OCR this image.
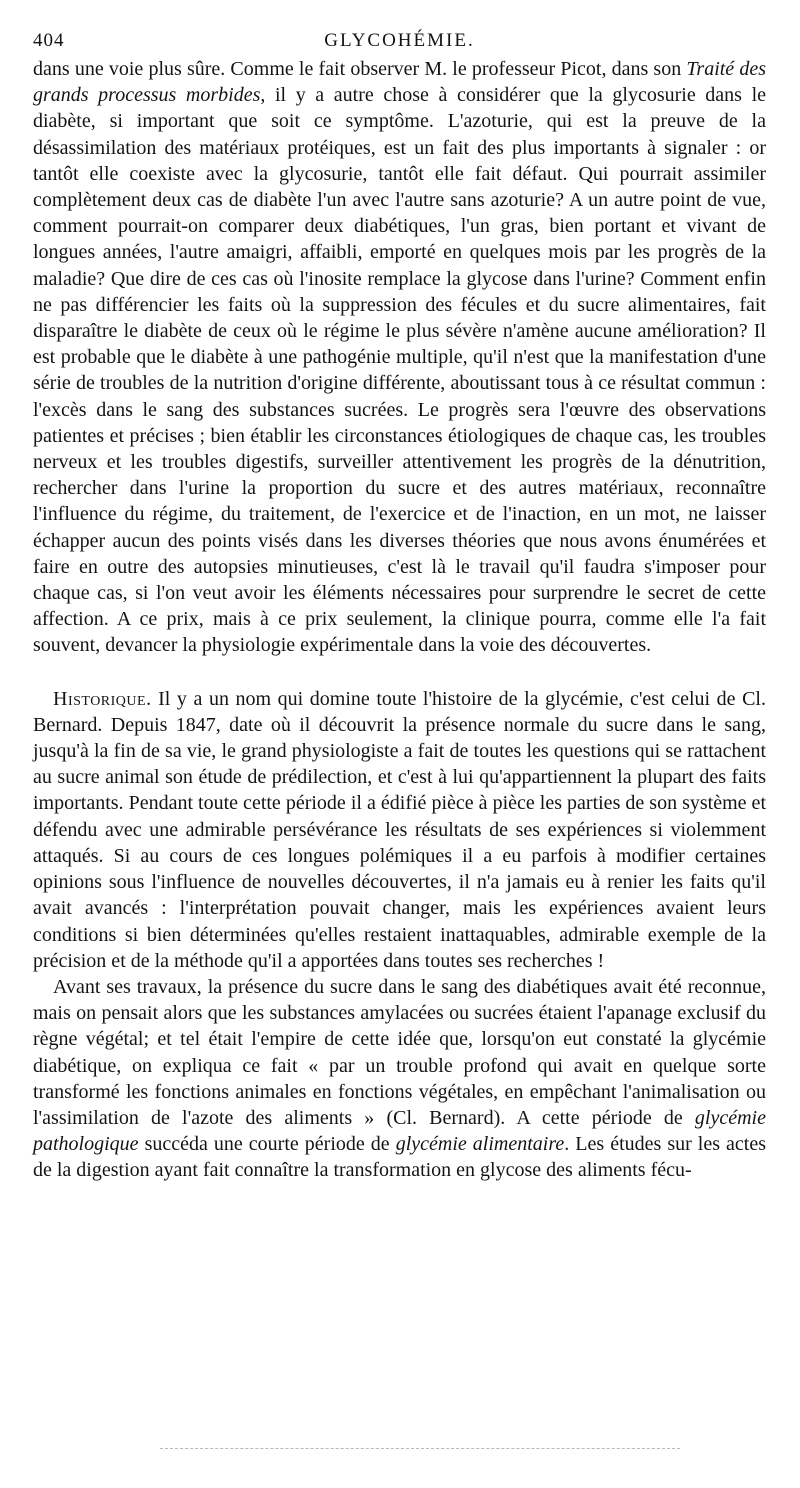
404	GLYCOHÉMIE.

dans une voie plus sûre. Comme le fait observer M. le professeur Picot, dans son Traité des grands processus morbides, il y a autre chose à considérer que la glycosurie dans le diabète, si important que soit ce symptôme. L'azoturie, qui est la preuve de la désassimilation des matériaux protéiques, est un fait des plus importants à signaler : or tantôt elle coexiste avec la glycosurie, tantôt elle fait défaut. Qui pourrait assimiler complètement deux cas de diabète l'un avec l'autre sans azoturie? A un autre point de vue, comment pourrait-on comparer deux diabétiques, l'un gras, bien portant et vivant de longues années, l'autre amaigri, affaibli, emporté en quelques mois par les progrès de la maladie? Que dire de ces cas où l'inosite remplace la glycose dans l'urine? Comment enfin ne pas différencier les faits où la suppression des fécules et du sucre alimentaires, fait disparaître le diabète de ceux où le régime le plus sévère n'amène aucune amélioration? Il est probable que le diabète à une pathogénie multiple, qu'il n'est que la manifestation d'une série de troubles de la nutrition d'origine différente, aboutissant tous à ce résultat commun : l'excès dans le sang des substances sucrées. Le progrès sera l'œuvre des observations patientes et précises ; bien établir les circonstances étiologiques de chaque cas, les troubles nerveux et les troubles digestifs, surveiller attentivement les progrès de la dénutrition, rechercher dans l'urine la proportion du sucre et des autres matériaux, reconnaître l'influence du régime, du traitement, de l'exercice et de l'inaction, en un mot, ne laisser échapper aucun des points visés dans les diverses théories que nous avons énumérées et faire en outre des autopsies minutieuses, c'est là le travail qu'il faudra s'imposer pour chaque cas, si l'on veut avoir les éléments nécessaires pour surprendre le secret de cette affection. A ce prix, mais à ce prix seulement, la clinique pourra, comme elle l'a fait souvent, devancer la physiologie expérimentale dans la voie des découvertes.

Historique. Il y a un nom qui domine toute l'histoire de la glycémie, c'est celui de Cl. Bernard. Depuis 1847, date où il découvrit la présence normale du sucre dans le sang, jusqu'à la fin de sa vie, le grand physiologiste a fait de toutes les questions qui se rattachent au sucre animal son étude de prédilection, et c'est à lui qu'appartiennent la plupart des faits importants. Pendant toute cette période il a édifié pièce à pièce les parties de son système et défendu avec une admirable persévérance les résultats de ses expériences si violemment attaqués. Si au cours de ces longues polémiques il a eu parfois à modifier certaines opinions sous l'influence de nouvelles découvertes, il n'a jamais eu à renier les faits qu'il avait avancés : l'interprétation pouvait changer, mais les expériences avaient leurs conditions si bien déterminées qu'elles restaient inattaquables, admirable exemple de la précision et de la méthode qu'il a apportées dans toutes ses recherches !

Avant ses travaux, la présence du sucre dans le sang des diabétiques avait été reconnue, mais on pensait alors que les substances amylacées ou sucrées étaient l'apanage exclusif du règne végétal; et tel était l'empire de cette idée que, lorsqu'on eut constaté la glycémie diabétique, on expliqua ce fait « par un trouble profond qui avait en quelque sorte transformé les fonctions animales en fonctions végétales, en empêchant l'animalisation ou l'assimilation de l'azote des aliments » (Cl. Bernard). A cette période de glycémie pathologique succéda une courte période de glycémie alimentaire. Les études sur les actes de la digestion ayant fait connaître la transformation en glycose des aliments fécu-
